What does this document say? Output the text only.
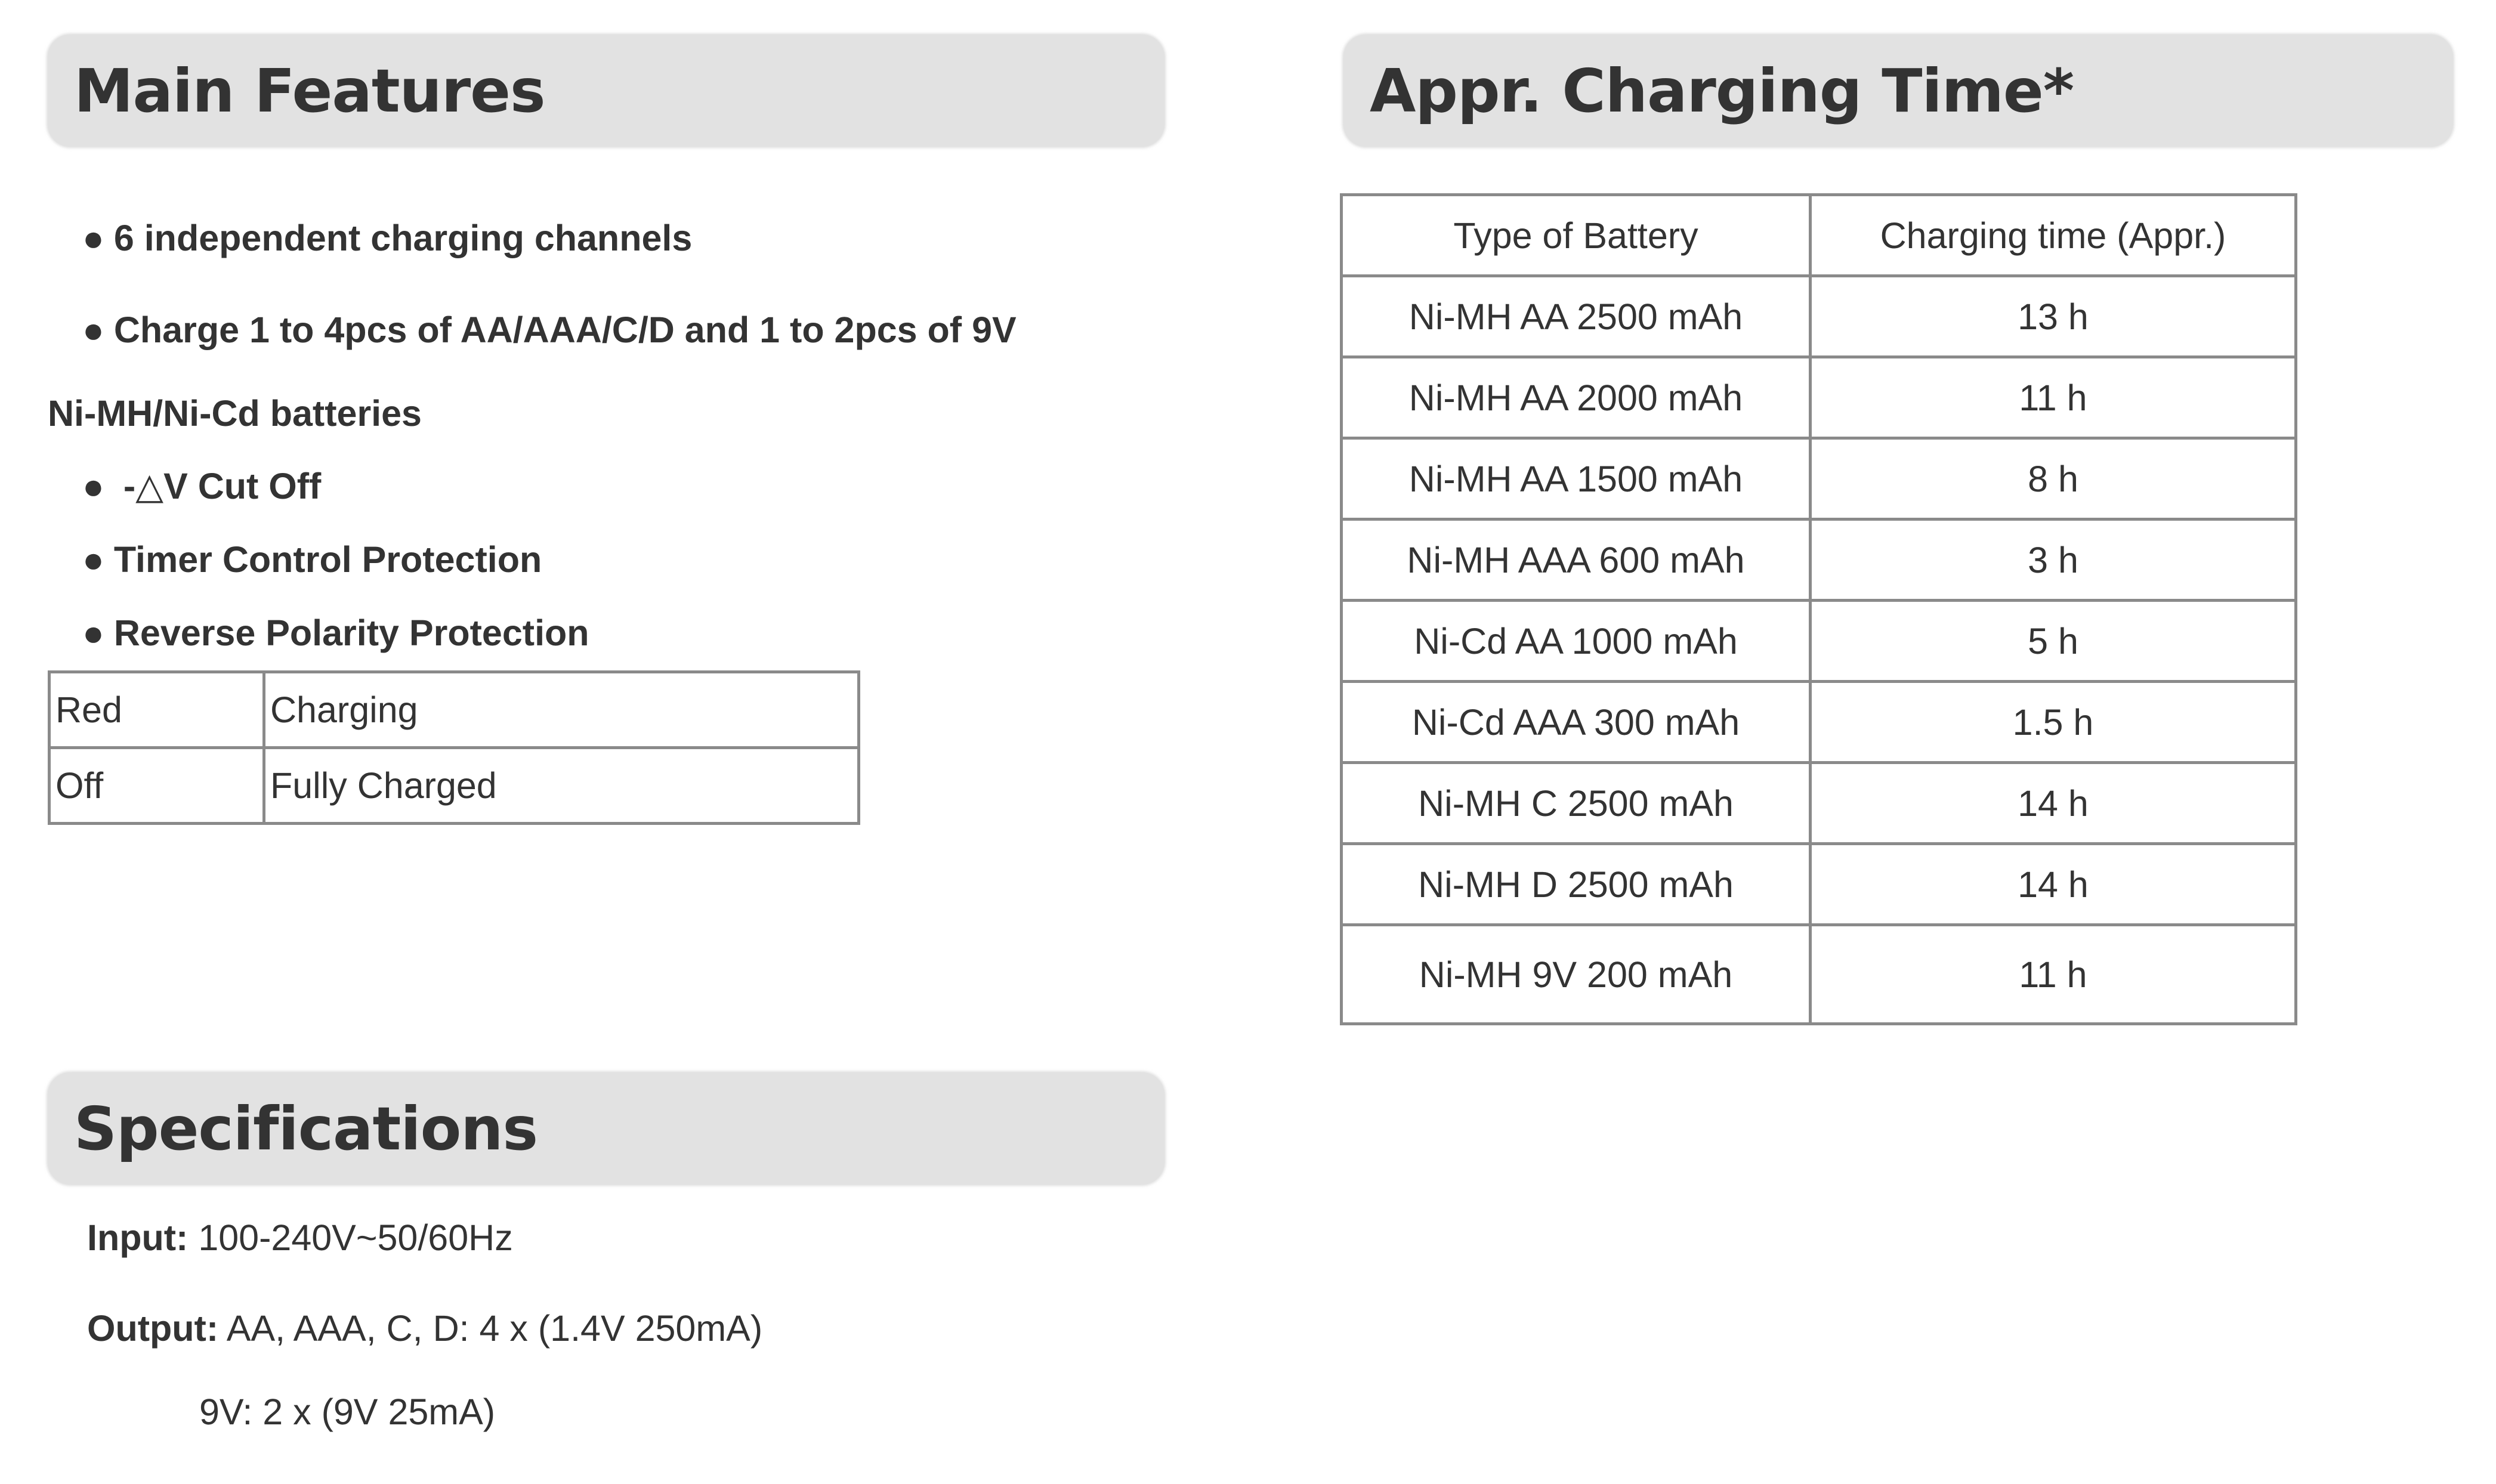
Main Features
● 6 independent charging channels
● Charge 1 to 4pcs of AA/AAA/C/D and 1 to 2pcs of 9V
Ni-MH/Ni-Cd batteries
● -△V Cut Off
● Timer Control Protection
● Reverse Polarity Protection
Red	Charging
Off	Fully Charged
Appr. Charging Time*
Type of Battery	Charging time (Appr.)
Ni-MH AA 2500 mAh	13 h
Ni-MH AA 2000 mAh	11 h
Ni-MH AA 1500 mAh	8 h
Ni-MH AAA 600 mAh	3 h
Ni-Cd AA 1000 mAh	5 h
Ni-Cd AAA 300 mAh	1.5 h
Ni-MH C 2500 mAh	14 h
Ni-MH D 2500 mAh	14 h
Ni-MH 9V 200 mAh	11 h
Specifications
Input: 100-240V~50/60Hz
Output: AA, AAA, C, D: 4 x (1.4V 250mA)
9V: 2 x (9V 25mA)
